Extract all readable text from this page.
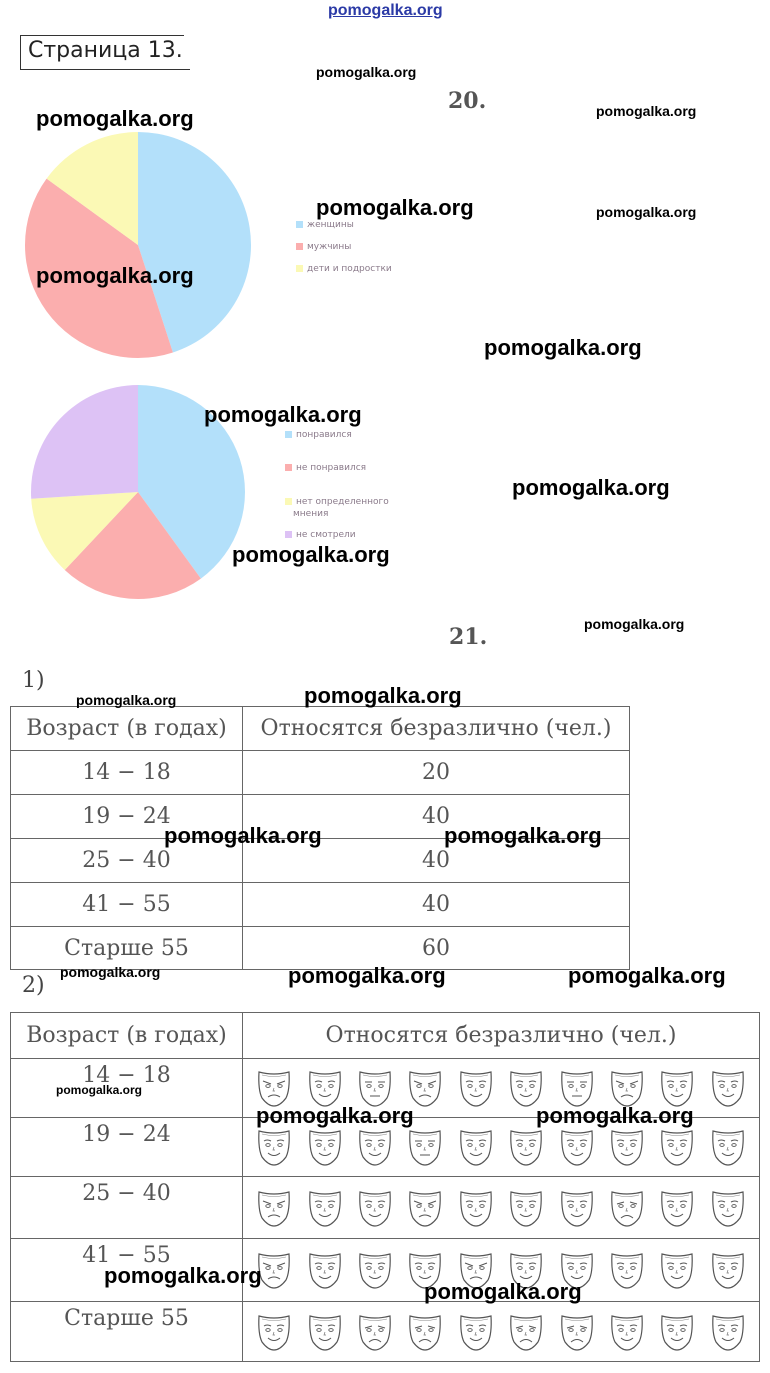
pomogalka.org
Страница 13.
20.
женщины
мужчины
дети и подростки
понравился
не понравился
нет определенного
мнения
не смотрели
21.
1)
Возраст (в годах)	Относятся безразлично (чел.)
14 − 18	20
19 − 24	40
25 − 40	40
41 − 55	40
Старше 55	60
2)
Возраст (в годах)	Относятся безразлично (чел.)
14 − 18	

19 − 24	

25 − 40	

41 − 55	

Старше 55	
pomogalka.org
pomogalka.org	pomogalka.org
pomogalka.org	pomogalka.org
pomogalka.org
pomogalka.org
pomogalka.org
pomogalka.org
pomogalka.org
pomogalka.org
pomogalka.org	pomogalka.org
pomogalka.org	pomogalka.org
pomogalka.org	pomogalka.org	pomogalka.org
pomogalka.org
pomogalka.org	pomogalka.org
pomogalka.org
pomogalka.org
